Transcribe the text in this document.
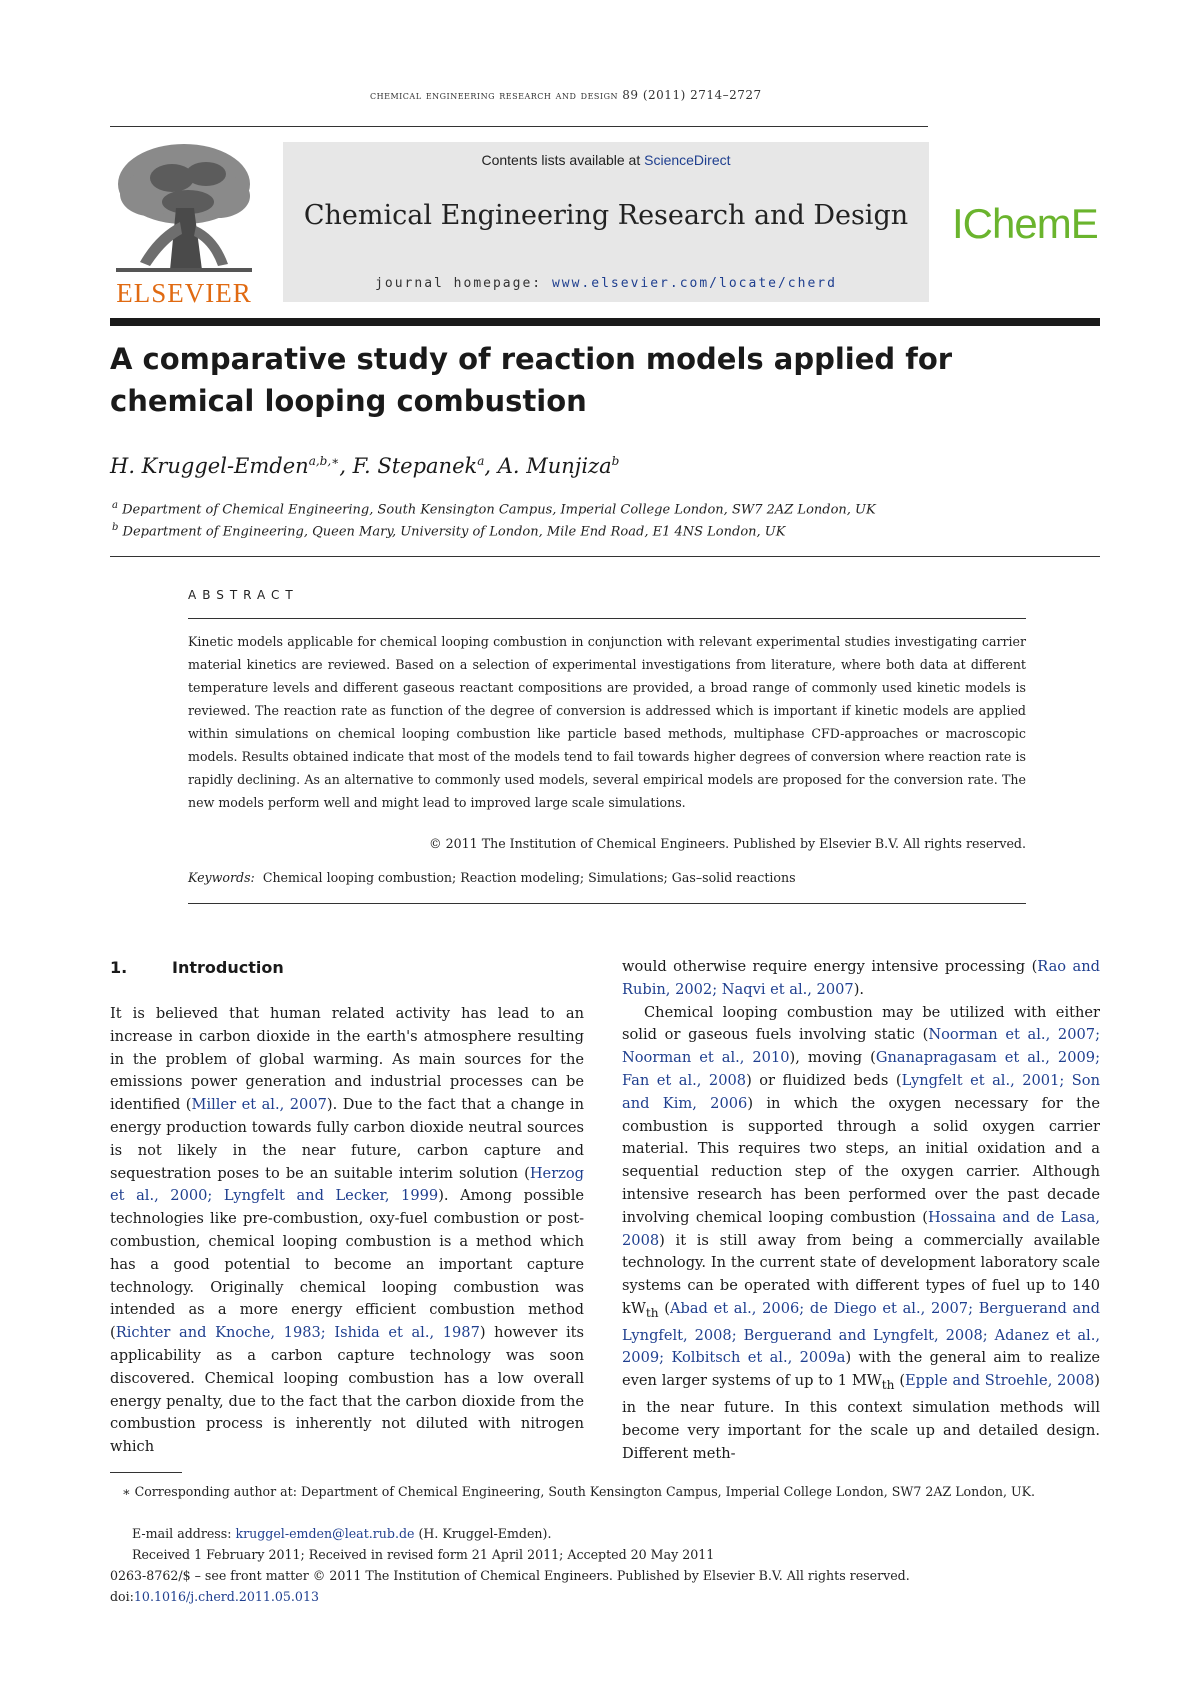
chemical engineering research and design 89 (2011) 2714–2727
ELSEVIER
Contents lists available at ScienceDirect
Chemical Engineering Research and Design
journal homepage: www.elsevier.com/locate/cherd
IChemE
A comparative study of reaction models applied for chemical looping combustion
H. Kruggel-Emden$^{a,b,∗}$, F. Stepanek$^a$, A. Munjiza$^b$
$^a$ Department of Chemical Engineering, South Kensington Campus, Imperial College London, SW7 2AZ London, UK
$^b$ Department of Engineering, Queen Mary, University of London, Mile End Road, E1 4NS London, UK
ABSTRACT

Kinetic models applicable for chemical looping combustion in conjunction with relevant experimental studies investigating carrier material kinetics are reviewed. Based on a selection of experimental investigations from literature, where both data at different temperature levels and different gaseous reactant compositions are provided, a broad range of commonly used kinetic models is reviewed. The reaction rate as function of the degree of conversion is addressed which is important if kinetic models are applied within simulations on chemical looping combustion like particle based methods, multiphase CFD-approaches or macroscopic models. Results obtained indicate that most of the models tend to fail towards higher degrees of conversion where reaction rate is rapidly declining. As an alternative to commonly used models, several empirical models are proposed for the conversion rate. The new models perform well and might lead to improved large scale simulations.

© 2011 The Institution of Chemical Engineers. Published by Elsevier B.V. All rights reserved.
Keywords: Chemical looping combustion; Reaction modeling; Simulations; Gas–solid reactions
1.	Introduction

It is believed that human related activity has lead to an increase in carbon dioxide in the earth's atmosphere resulting in the problem of global warming. As main sources for the emissions power generation and industrial processes can be identified (Miller et al., 2007). Due to the fact that a change in energy production towards fully carbon dioxide neutral sources is not likely in the near future, carbon capture and sequestration poses to be an suitable interim solution (Herzog et al., 2000; Lyngfelt and Lecker, 1999). Among possible technologies like pre-combustion, oxy-fuel combustion or post-combustion, chemical looping combustion is a method which has a good potential to become an important capture technology. Originally chemical looping combustion was intended as a more energy efficient combustion method (Richter and Knoche, 1983; Ishida et al., 1987) however its applicability as a carbon capture technology was soon discovered. Chemical looping combustion has a low overall energy penalty, due to the fact that the carbon dioxide from the combustion process is inherently not diluted with nitrogen which

would otherwise require energy intensive processing (Rao and Rubin, 2002; Naqvi et al., 2007).
Chemical looping combustion may be utilized with either solid or gaseous fuels involving static (Noorman et al., 2007; Noorman et al., 2010), moving (Gnanapragasam et al., 2009; Fan et al., 2008) or fluidized beds (Lyngfelt et al., 2001; Son and Kim, 2006) in which the oxygen necessary for the combustion is supported through a solid oxygen carrier material. This requires two steps, an initial oxidation and a sequential reduction step of the oxygen carrier. Although intensive research has been performed over the past decade involving chemical looping combustion (Hossaina and de Lasa, 2008) it is still away from being a commercially available technology. In the current state of development laboratory scale systems can be operated with different types of fuel up to 140 $kW_{th}$ (Abad et al., 2006; de Diego et al., 2007; Berguerand and Lyngfelt, 2008; Berguerand and Lyngfelt, 2008; Adanez et al., 2009; Kolbitsch et al., 2009a) with the general aim to realize even larger systems of up to 1 $MW_{th}$ (Epple and Stroehle, 2008) in the near future. In this context simulation methods will become very important for the scale up and detailed design. Different meth-

∗ Corresponding author at: Department of Chemical Engineering, South Kensington Campus, Imperial College London, SW7 2AZ London, UK.
E-mail address: kruggel-emden@leat.rub.de (H. Kruggel-Emden).
Received 1 February 2011; Received in revised form 21 April 2011; Accepted 20 May 2011
0263-8762/$ – see front matter © 2011 The Institution of Chemical Engineers. Published by Elsevier B.V. All rights reserved.
doi:10.1016/j.cherd.2011.05.013
